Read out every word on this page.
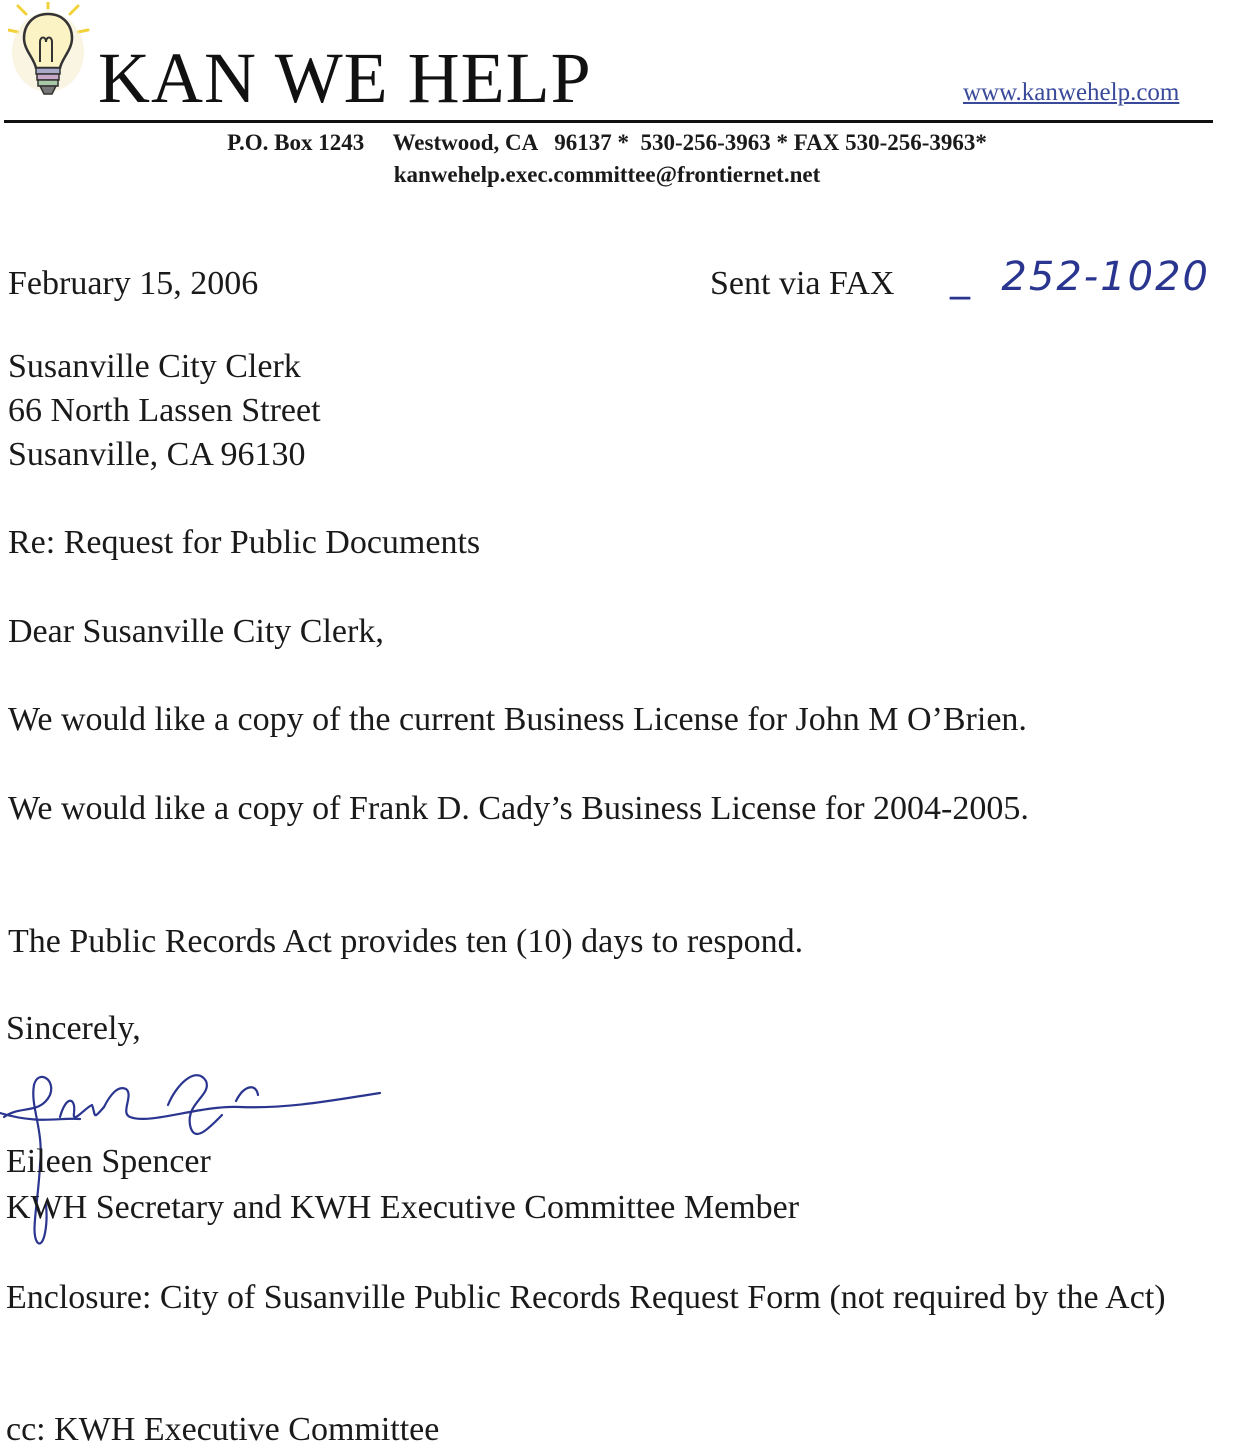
KAN WE HELP	www.kanwehelp.com
P.O. Box 1243     Westwood, CA   96137 *  530-256-3963 * FAX 530-256-3963*
kanwehelp.exec.committee@frontiernet.net
February 15, 2006	Sent via FAX _  252-1020
Susanville City Clerk
66 North Lassen Street
Susanville, CA 96130
Re: Request for Public Documents
Dear Susanville City Clerk,
We would like a copy of the current Business License for John M O’Brien.
We would like a copy of Frank D. Cady’s Business License for 2004-2005.
The Public Records Act provides ten (10) days to respond.
Sincerely,
Eileen Spencer
KWH Secretary and KWH Executive Committee Member
Enclosure: City of Susanville Public Records Request Form (not required by the Act)
cc: KWH Executive Committee
